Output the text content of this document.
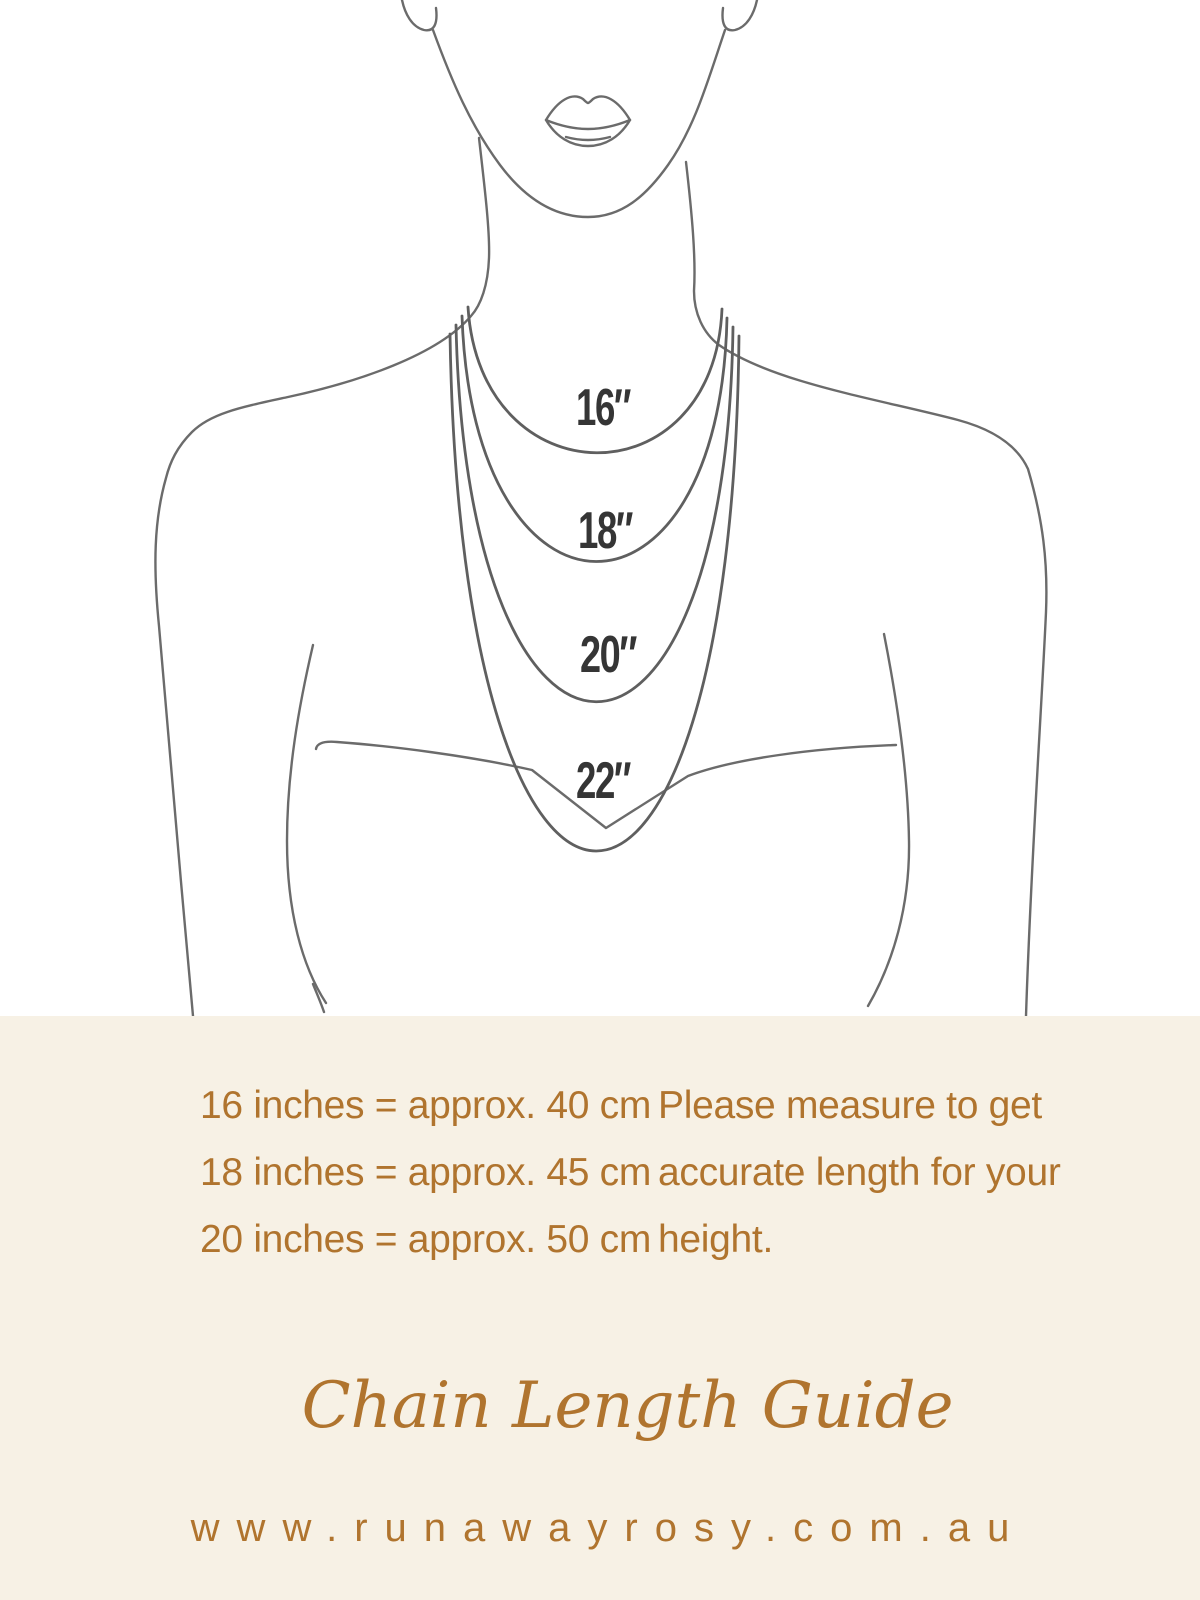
16″
18″
20″
22″
16 inches = approx. 40 cm
18 inches = approx. 45 cm
20 inches = approx. 50 cm
Please measure to get
accurate length for your
height.
Chain Length Guide
www.runawayrosy.com.au
